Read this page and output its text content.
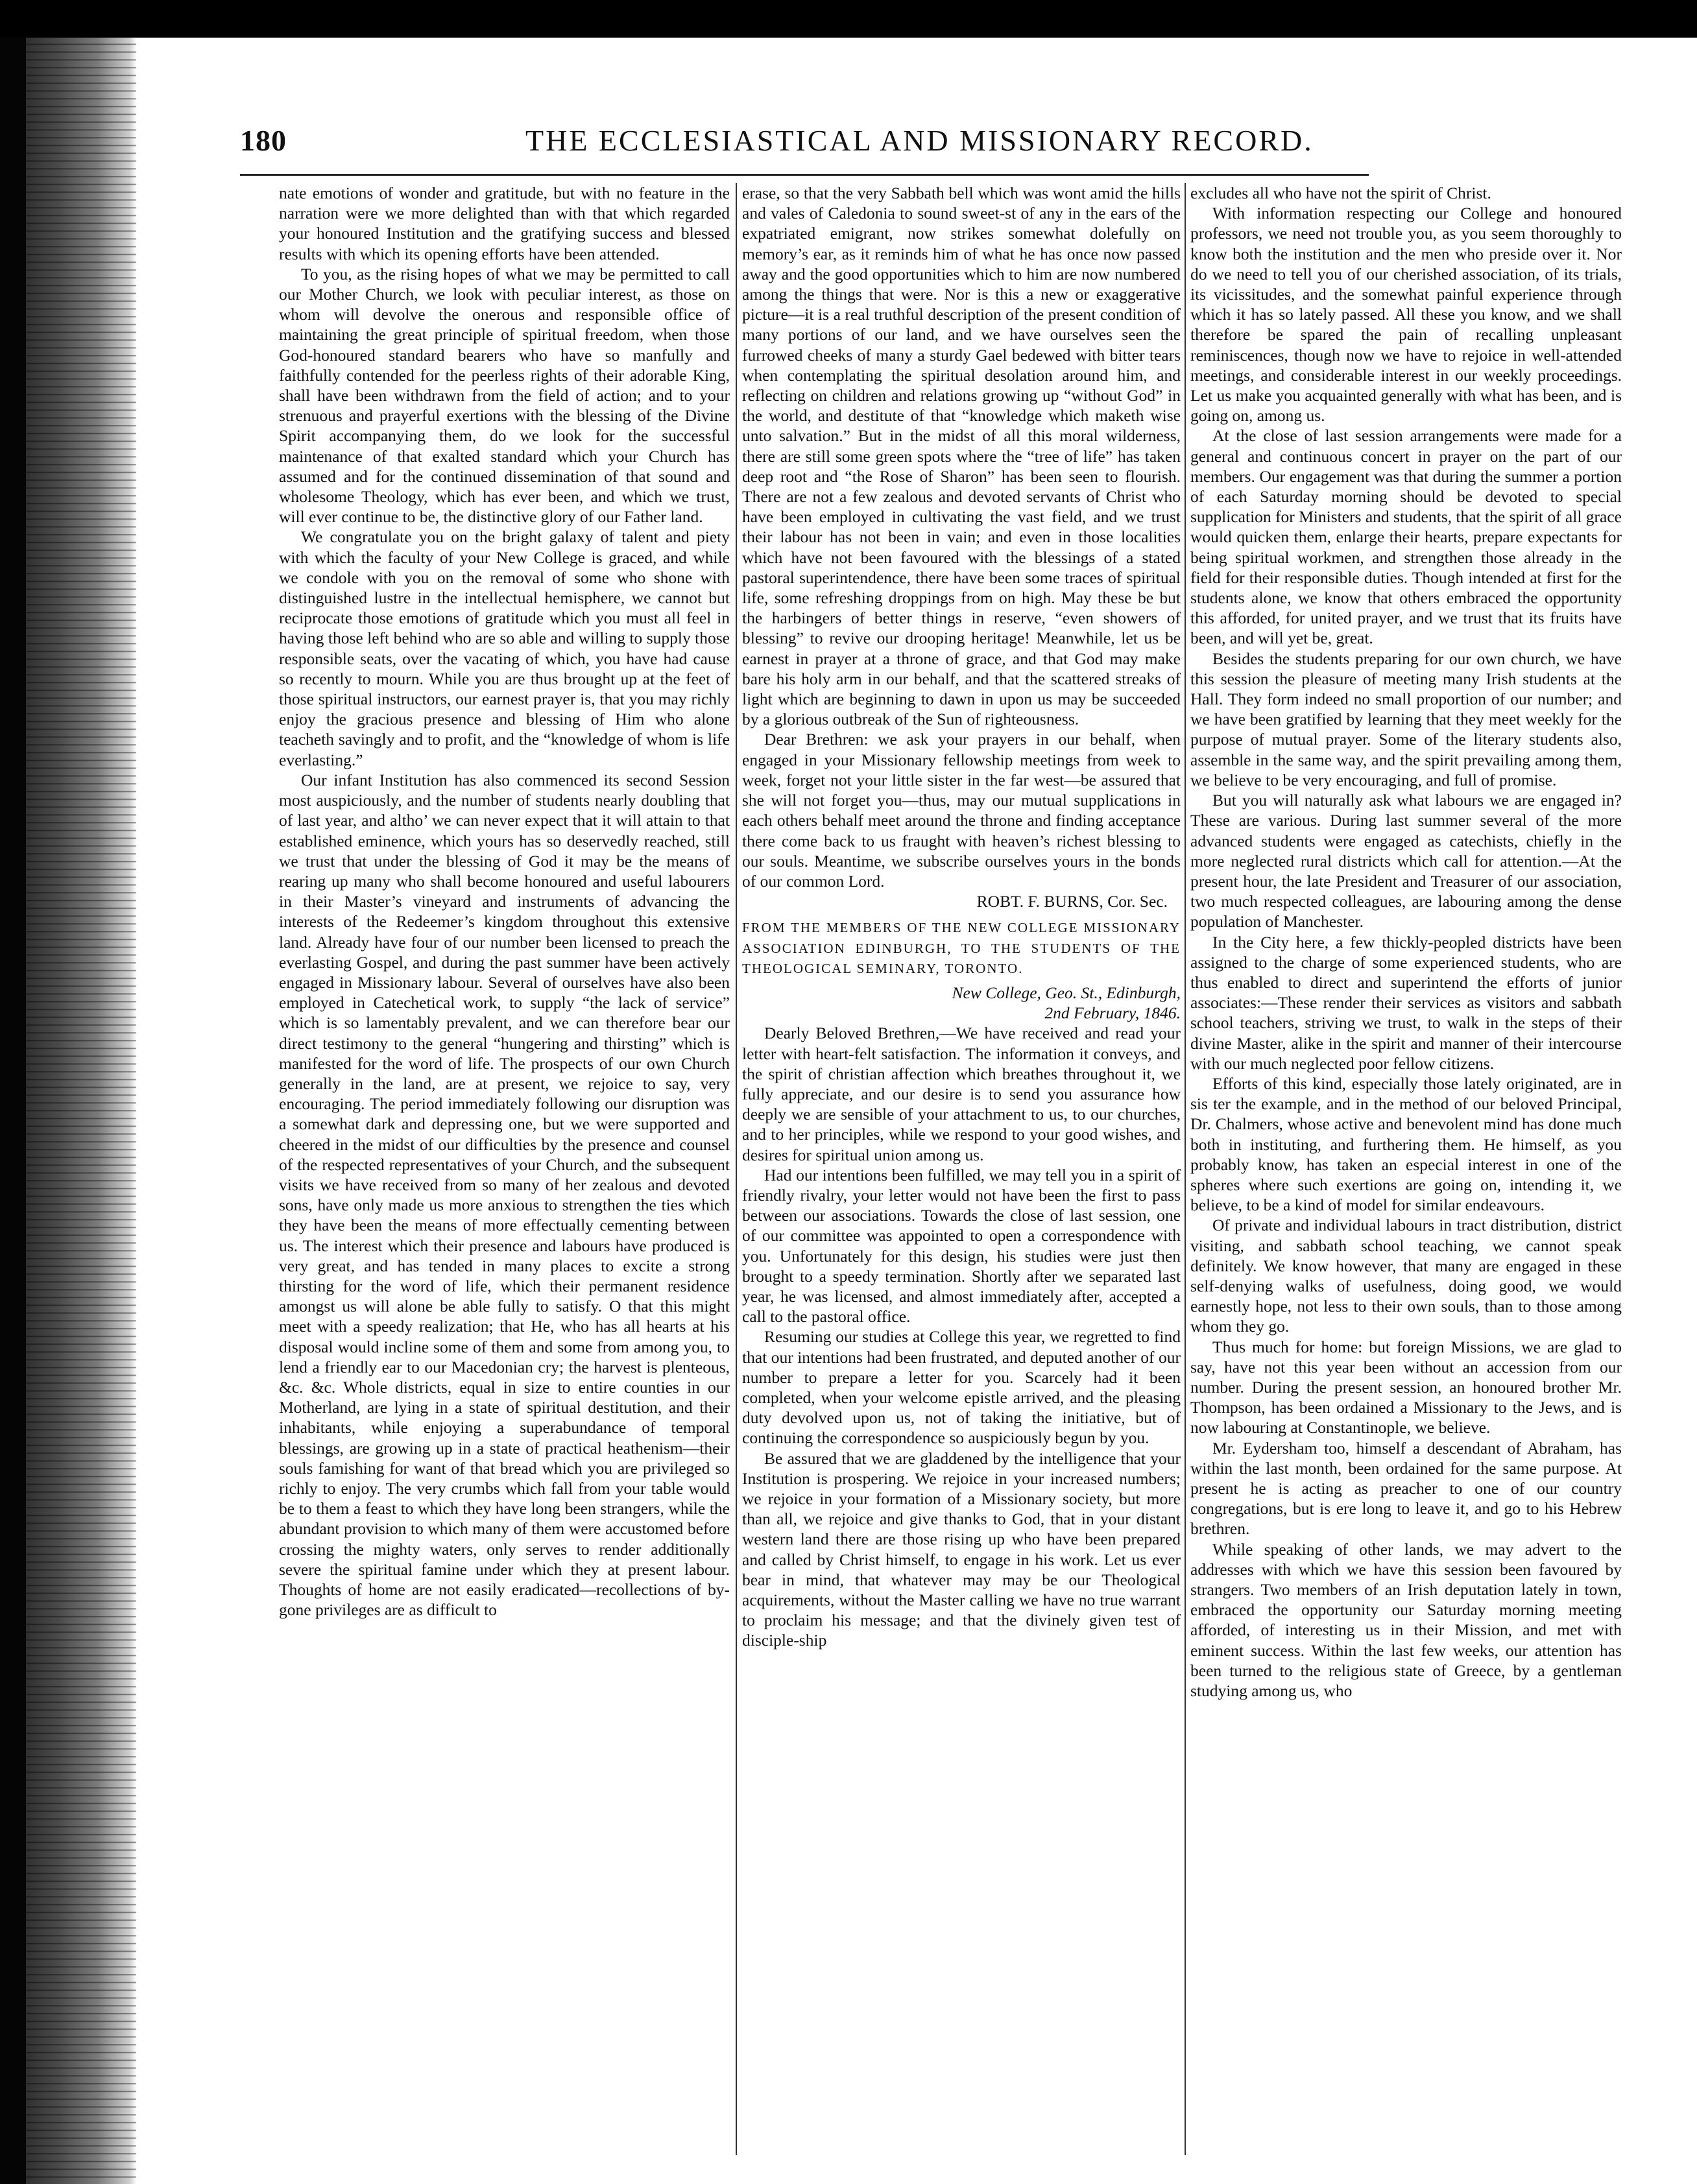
180	THE ECCLESIASTICAL AND MISSIONARY RECORD.

nate emotions of wonder and gratitude, but with no feature in the narration were we more delighted than with that which regarded your honoured Institution and the gratifying success and blessed results with which its opening efforts have been attended.

To you, as the rising hopes of what we may be permitted to call our Mother Church, we look with peculiar interest, as those on whom will devolve the onerous and responsible office of maintaining the great principle of spiritual freedom, when those God-honoured standard bearers who have so manfully and faithfully contended for the peerless rights of their adorable King, shall have been withdrawn from the field of action; and to your strenuous and prayerful exertions with the blessing of the Divine Spirit accompanying them, do we look for the successful maintenance of that exalted standard which your Church has assumed and for the continued dissemination of that sound and wholesome Theology, which has ever been, and which we trust, will ever continue to be, the distinctive glory of our Father land.

We congratulate you on the bright galaxy of talent and piety with which the faculty of your New College is graced, and while we condole with you on the removal of some who shone with distinguished lustre in the intellectual hemisphere, we cannot but reciprocate those emotions of gratitude which you must all feel in having those left behind who are so able and willing to supply those responsible seats, over the vacating of which, you have had cause so recently to mourn. While you are thus brought up at the feet of those spiritual instructors, our earnest prayer is, that you may richly enjoy the gracious presence and blessing of Him who alone teacheth savingly and to profit, and the “knowledge of whom is life everlasting.”

Our infant Institution has also commenced its second Session most auspiciously, and the number of students nearly doubling that of last year, and altho’ we can never expect that it will attain to that established eminence, which yours has so deservedly reached, still we trust that under the blessing of God it may be the means of rearing up many who shall become honoured and useful labourers in their Master’s vineyard and instruments of advancing the interests of the Redeemer’s kingdom throughout this extensive land. Already have four of our number been licensed to preach the everlasting Gospel, and during the past summer have been actively engaged in Missionary labour. Several of ourselves have also been employed in Catechetical work, to supply “the lack of service” which is so lamentably prevalent, and we can therefore bear our direct testimony to the general “hungering and thirsting” which is manifested for the word of life. The prospects of our own Church generally in the land, are at present, we rejoice to say, very encouraging. The period immediately following our disruption was a somewhat dark and depressing one, but we were supported and cheered in the midst of our difficulties by the presence and counsel of the respected representatives of your Church, and the subsequent visits we have received from so many of her zealous and devoted sons, have only made us more anxious to strengthen the ties which they have been the means of more effectually cementing between us. The interest which their presence and labours have produced is very great, and has tended in many places to excite a strong thirsting for the word of life, which their permanent residence amongst us will alone be able fully to satisfy. O that this might meet with a speedy realization; that He, who has all hearts at his disposal would incline some of them and some from among you, to lend a friendly ear to our Macedonian cry; the harvest is plenteous, &c. &c. Whole districts, equal in size to entire counties in our Motherland, are lying in a state of spiritual destitution, and their inhabitants, while enjoying a superabundance of temporal blessings, are growing up in a state of practical heathenism—their souls famishing for want of that bread which you are privileged so richly to enjoy. The very crumbs which fall from your table would be to them a feast to which they have long been strangers, while the abundant provision to which many of them were accustomed before crossing the mighty waters, only serves to render additionally severe the spiritual famine under which they at present labour. Thoughts of home are not easily eradicated—recollections of by-gone privileges are as difficult to

erase, so that the very Sabbath bell which was wont amid the hills and vales of Caledonia to sound sweet-st of any in the ears of the expatriated emigrant, now strikes somewhat dolefully on memory’s ear, as it reminds him of what he has once now passed away and the good opportunities which to him are now numbered among the things that were. Nor is this a new or exaggerative picture—it is a real truthful description of the present condition of many portions of our land, and we have ourselves seen the furrowed cheeks of many a sturdy Gael bedewed with bitter tears when contemplating the spiritual desolation around him, and reflecting on children and relations growing up “without God” in the world, and destitute of that “knowledge which maketh wise unto salvation.” But in the midst of all this moral wilderness, there are still some green spots where the “tree of life” has taken deep root and “the Rose of Sharon” has been seen to flourish. There are not a few zealous and devoted servants of Christ who have been employed in cultivating the vast field, and we trust their labour has not been in vain; and even in those localities which have not been favoured with the blessings of a stated pastoral superintendence, there have been some traces of spiritual life, some refreshing droppings from on high. May these be but the harbingers of better things in reserve, “even showers of blessing” to revive our drooping heritage! Meanwhile, let us be earnest in prayer at a throne of grace, and that God may make bare his holy arm in our behalf, and that the scattered streaks of light which are beginning to dawn in upon us may be succeeded by a glorious outbreak of the Sun of righteousness.

Dear Brethren: we ask your prayers in our behalf, when engaged in your Missionary fellowship meetings from week to week, forget not your little sister in the far west—be assured that she will not forget you—thus, may our mutual supplications in each others behalf meet around the throne and finding acceptance there come back to us fraught with heaven’s richest blessing to our souls. Meantime, we subscribe ourselves yours in the bonds of our common Lord.

ROBT. F. BURNS, Cor. Sec.

FROM THE MEMBERS OF THE NEW COLLEGE MISSIONARY ASSOCIATION EDINBURGH, TO THE STUDENTS OF THE THEOLOGICAL SEMINARY, TORONTO.

New College, Geo. St., Edinburgh,

2nd February, 1846.

Dearly Beloved Brethren,—We have received and read your letter with heart-felt satisfaction. The information it conveys, and the spirit of christian affection which breathes throughout it, we fully appreciate, and our desire is to send you assurance how deeply we are sensible of your attachment to us, to our churches, and to her principles, while we respond to your good wishes, and desires for spiritual union among us.

Had our intentions been fulfilled, we may tell you in a spirit of friendly rivalry, your letter would not have been the first to pass between our associations. Towards the close of last session, one of our committee was appointed to open a correspondence with you. Unfortunately for this design, his studies were just then brought to a speedy termination. Shortly after we separated last year, he was licensed, and almost immediately after, accepted a call to the pastoral office.

Resuming our studies at College this year, we regretted to find that our intentions had been frustrated, and deputed another of our number to prepare a letter for you. Scarcely had it been completed, when your welcome epistle arrived, and the pleasing duty devolved upon us, not of taking the initiative, but of continuing the correspondence so auspiciously begun by you.

Be assured that we are gladdened by the intelligence that your Institution is prospering. We rejoice in your increased numbers; we rejoice in your formation of a Missionary society, but more than all, we rejoice and give thanks to God, that in your distant western land there are those rising up who have been prepared and called by Christ himself, to engage in his work. Let us ever bear in mind, that whatever may may be our Theological acquirements, without the Master calling we have no true warrant to proclaim his message; and that the divinely given test of disciple-ship

excludes all who have not the spirit of Christ.

With information respecting our College and honoured professors, we need not trouble you, as you seem thoroughly to know both the institution and the men who preside over it. Nor do we need to tell you of our cherished association, of its trials, its vicissitudes, and the somewhat painful experience through which it has so lately passed. All these you know, and we shall therefore be spared the pain of recalling unpleasant reminiscences, though now we have to rejoice in well-attended meetings, and considerable interest in our weekly proceedings. Let us make you acquainted generally with what has been, and is going on, among us.

At the close of last session arrangements were made for a general and continuous concert in prayer on the part of our members. Our engagement was that during the summer a portion of each Saturday morning should be devoted to special supplication for Ministers and students, that the spirit of all grace would quicken them, enlarge their hearts, prepare expectants for being spiritual workmen, and strengthen those already in the field for their responsible duties. Though intended at first for the students alone, we know that others embraced the opportunity this afforded, for united prayer, and we trust that its fruits have been, and will yet be, great.

Besides the students preparing for our own church, we have this session the pleasure of meeting many Irish students at the Hall. They form indeed no small proportion of our number; and we have been gratified by learning that they meet weekly for the purpose of mutual prayer. Some of the literary students also, assemble in the same way, and the spirit prevailing among them, we believe to be very encouraging, and full of promise.

But you will naturally ask what labours we are engaged in? These are various. During last summer several of the more advanced students were engaged as catechists, chiefly in the more neglected rural districts which call for attention.—At the present hour, the late President and Treasurer of our association, two much respected colleagues, are labouring among the dense population of Manchester.

In the City here, a few thickly-peopled districts have been assigned to the charge of some experienced students, who are thus enabled to direct and superintend the efforts of junior associates:—These render their services as visitors and sabbath school teachers, striving we trust, to walk in the steps of their divine Master, alike in the spirit and manner of their intercourse with our much neglected poor fellow citizens.

Efforts of this kind, especially those lately originated, are in sis ter the example, and in the method of our beloved Principal, Dr. Chalmers, whose active and benevolent mind has done much both in instituting, and furthering them. He himself, as you probably know, has taken an especial interest in one of the spheres where such exertions are going on, intending it, we believe, to be a kind of model for similar endeavours.

Of private and individual labours in tract distribution, district visiting, and sabbath school teaching, we cannot speak definitely. We know however, that many are engaged in these self-denying walks of usefulness, doing good, we would earnestly hope, not less to their own souls, than to those among whom they go.

Thus much for home: but foreign Missions, we are glad to say, have not this year been without an accession from our number. During the present session, an honoured brother Mr. Thompson, has been ordained a Missionary to the Jews, and is now labouring at Constantinople, we believe.

Mr. Eydersham too, himself a descendant of Abraham, has within the last month, been ordained for the same purpose. At present he is acting as preacher to one of our country congregations, but is ere long to leave it, and go to his Hebrew brethren.

While speaking of other lands, we may advert to the addresses with which we have this session been favoured by strangers. Two members of an Irish deputation lately in town, embraced the opportunity our Saturday morning meeting afforded, of interesting us in their Mission, and met with eminent success. Within the last few weeks, our attention has been turned to the religious state of Greece, by a gentleman studying among us, who
